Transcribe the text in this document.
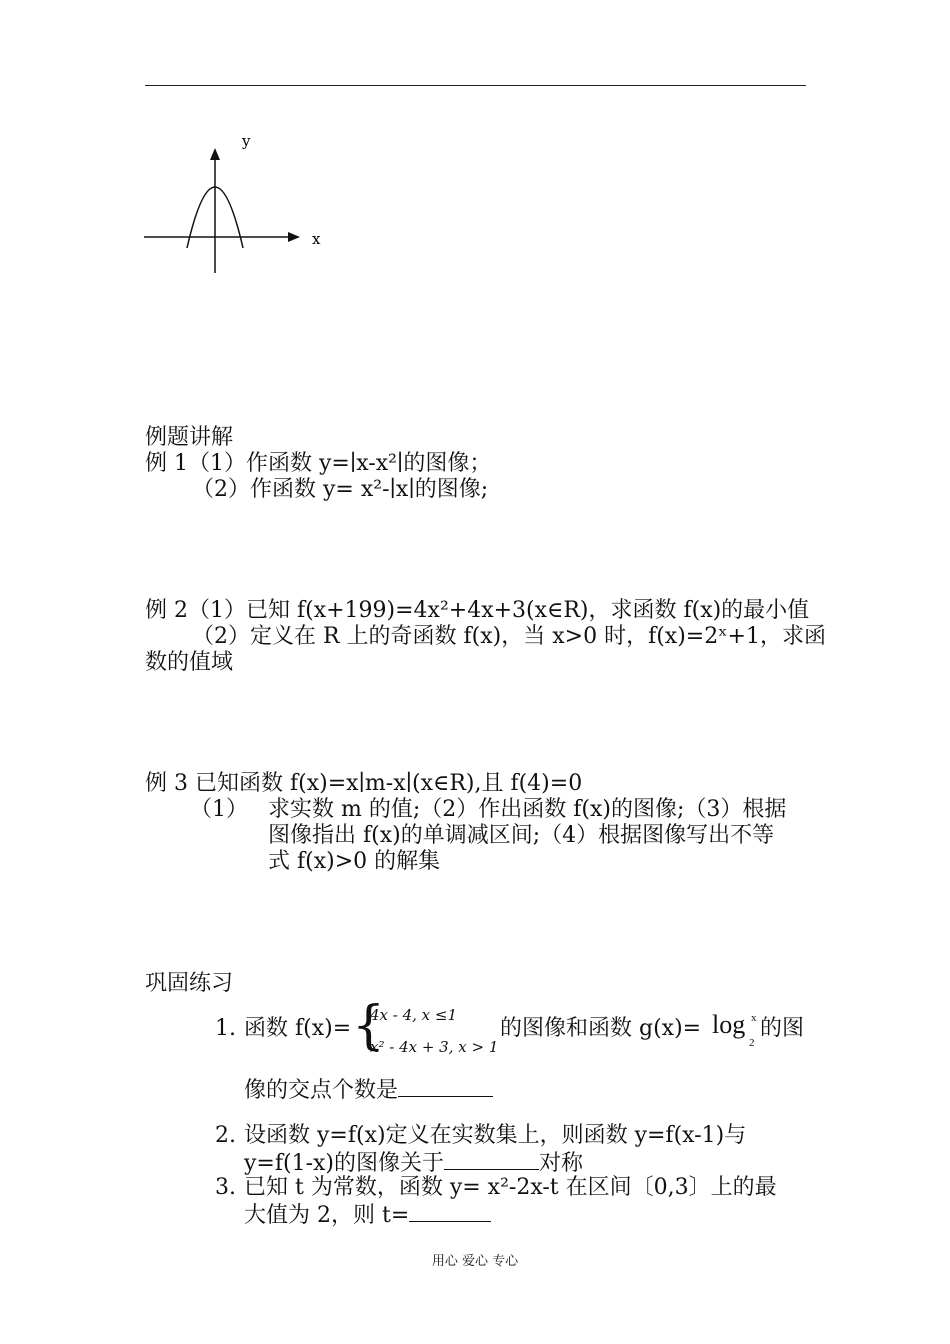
y
x
例题讲解
例 1（1）作函数 y=∣x-x²∣的图像；
（2）作函数 y= x²-∣x∣的图像;
例 2（1）已知 f(x+199)=4x²+4x+3(x∈R)，求函数 f(x)的最小值
（2）定义在 R 上的奇函数 f(x)，当 x>0 时，f(x)=2ˣ+1，求函
数的值域
例 3 已知函数 f(x)=x∣m-x∣(x∈R),且 f(4)=0
（1） 求实数 m 的值;（2）作出函数 f(x)的图像;（3）根据
图像指出 f(x)的单调减区间;（4）根据图像写出不等
式 f(x)>0 的解集
巩固练习
1. 函数 f(x)= {
4x - 4, x ≤1
x² - 4x + 3, x > 1
的图像和函数 g(x)= log x
2
的图
像的交点个数是
2. 设函数 y=f(x)定义在实数集上，则函数 y=f(x-1)与
y=f(1-x)的图像关于	对称
3. 已知 t 为常数，函数 y= x²-2x-t 在区间〔0,3〕上的最
大值为 2，则 t=
用心 爱心 专心
